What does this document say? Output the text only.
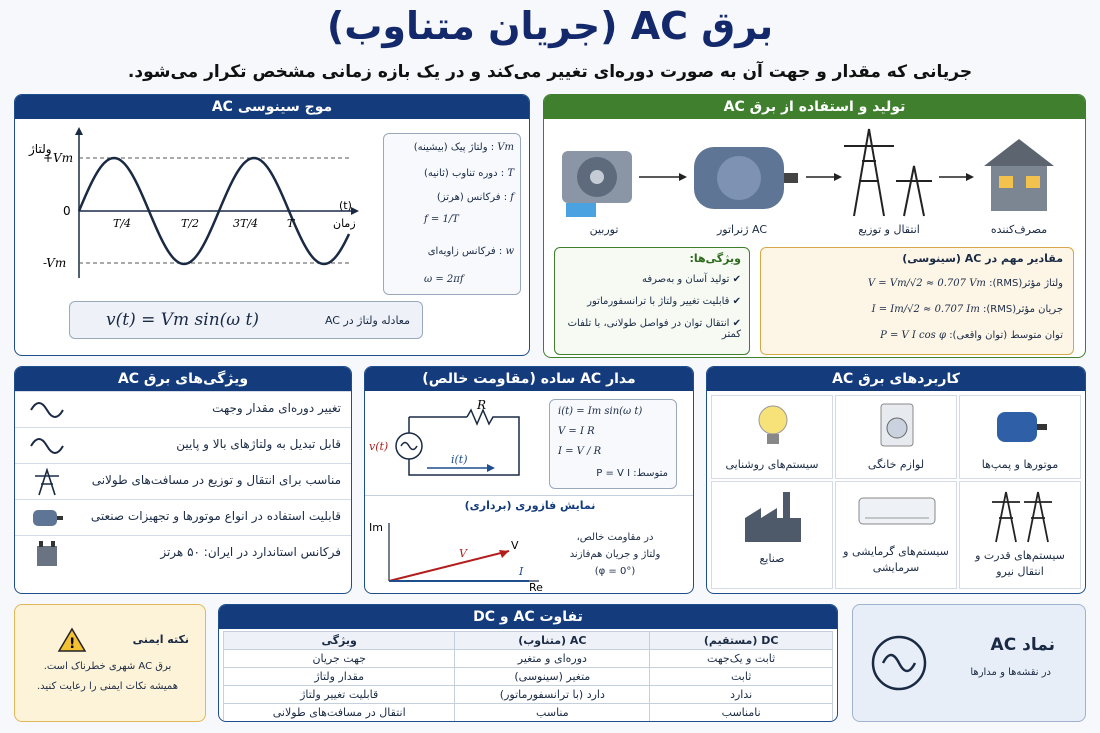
برق AC (جریان متناوب)
جریانی که مقدار و جهت آن به صورت دوره‌ای تغییر می‌کند و در یک بازه زمانی مشخص تکرار می‌شود.
موج سینوسی AC
ولتاژ
+Vm
0
-Vm
T/4	T/2	3T/4	T
(t)
زمان
Vm : ولتاژ پیک (بیشینه)
T : دوره تناوب (ثانیه)
f : فرکانس (هرتز)
f = 1/T
w : فرکانس زاویه‌ای
ω = 2πf
v(t) = Vm sin(ω t)	معادله ولتاژ در AC
تولید و استفاده از برق AC
توربین	ژنراتور AC	انتقال و توزیع	مصرف‌کننده
ویژگی‌ها:
✔ تولید آسان و به‌صرفه
✔ قابلیت تغییر ولتاژ با ترانسفورماتور
✔ انتقال توان در فواصل طولانی، با تلفات کمتر
مقادیر مهم در AC (سینوسی)
ولتاژ مؤثر(RMS): V = Vm/√2 ≈ 0.707 Vm
جریان مؤثر(RMS): I = Im/√2 ≈ 0.707 Im
توان متوسط (توان واقعی): P = V I cos φ
ویژگی‌های برق AC
تغییر دوره‌ای مقدار وجهت
قابل تبدیل به ولتاژهای بالا و پایین
مناسب برای انتقال و توزیع در مسافت‌های طولانی
قابلیت استفاده در انواع موتورها و تجهیزات صنعتی
فرکانس استاندارد در ایران: ۵۰ هرتز
مدار AC ساده (مقاومت خالص)
R
v(t)
i(t)
i(t) = Im sin(ω t)
V = I R
I = V / R
متوسط: P = V I
نمایش فازوری (برداری)
Im
Re
V
V
I
در مقاومت خالص،
ولتاژ و جریان هم‌فازند
(φ = 0°)
کاربردهای برق AC
سیستم‌های روشنایی	لوازم خانگی	موتورها و پمپ‌ها
صنایع
سیستم‌های گرمایشی و سرمایشی
سیستم‌های قدرت و انتقال نیرو
!	نکته ایمنی
برق AC شهری خطرناک است.
همیشه نکات ایمنی را رعایت کنید.
تفاوت AC و DC
ویژگی	AC (متناوب)	DC (مستقیم)
جهت جریان	دوره‌ای و متغیر	ثابت و یک‌جهت
مقدار ولتاژ	متغیر (سینوسی)	ثابت
قابلیت تغییر ولتاژ	دارد (با ترانسفورماتور)	ندارد
انتقال در مسافت‌های طولانی	مناسب	نامناسب
نماد AC
در نقشه‌ها و مدارها
